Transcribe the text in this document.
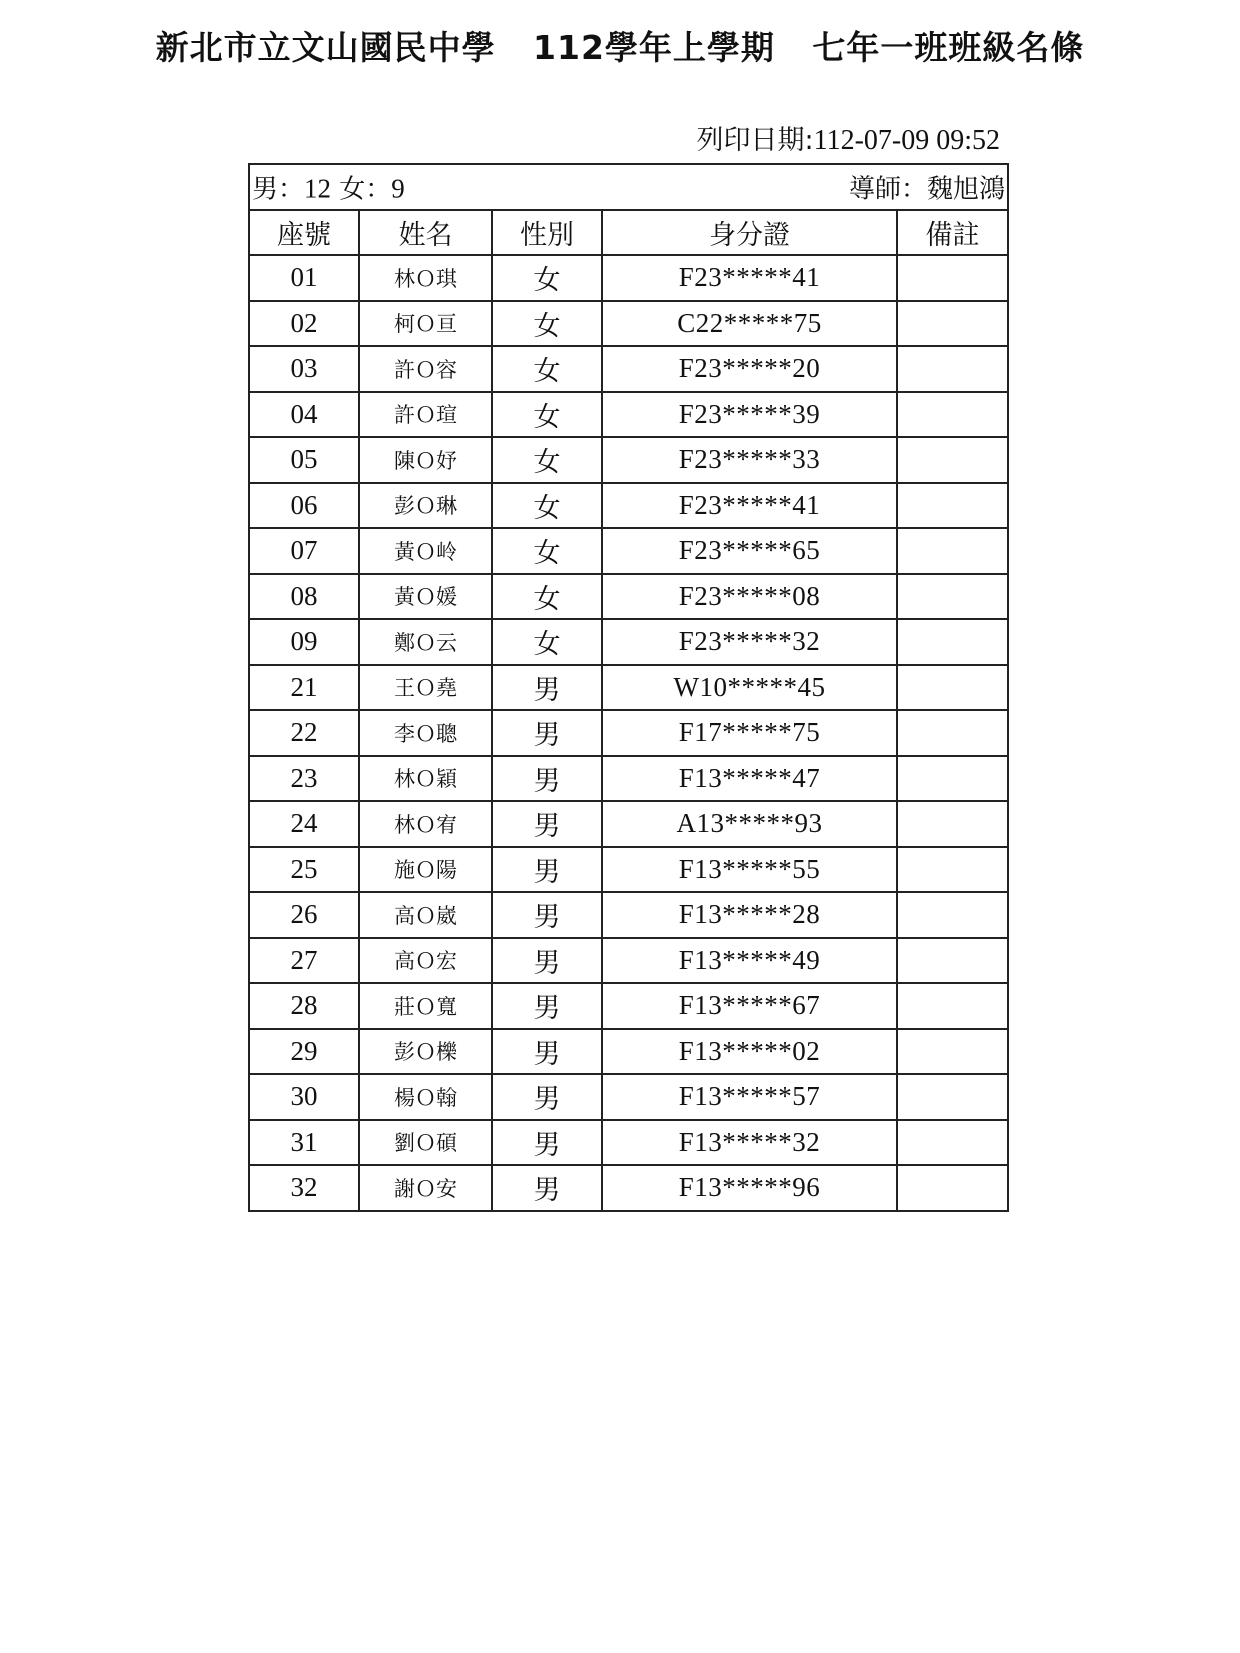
新北市立文山國民中學   112學年上學期   七年一班班級名條
列印日期:112-07-09 09:52
男：12 女：9 導師：魏旭鴻				

座號	姓名	性別	身分證	備註
01	林Ｏ琪	女	F23*****41	
02	柯Ｏ亘	女	C22*****75	
03	許Ｏ容	女	F23*****20	
04	許Ｏ瑄	女	F23*****39	
05	陳Ｏ妤	女	F23*****33	
06	彭Ｏ琳	女	F23*****41	
07	黃Ｏ岭	女	F23*****65	
08	黃Ｏ媛	女	F23*****08	
09	鄭Ｏ云	女	F23*****32	
21	王Ｏ堯	男	W10*****45	
22	李Ｏ聰	男	F17*****75	
23	林Ｏ穎	男	F13*****47	
24	林Ｏ宥	男	A13*****93	
25	施Ｏ陽	男	F13*****55	
26	高Ｏ崴	男	F13*****28	
27	高Ｏ宏	男	F13*****49	
28	莊Ｏ寬	男	F13*****67	
29	彭Ｏ櫟	男	F13*****02	
30	楊Ｏ翰	男	F13*****57	
31	劉Ｏ碩	男	F13*****32	
32	謝Ｏ安	男	F13*****96	
